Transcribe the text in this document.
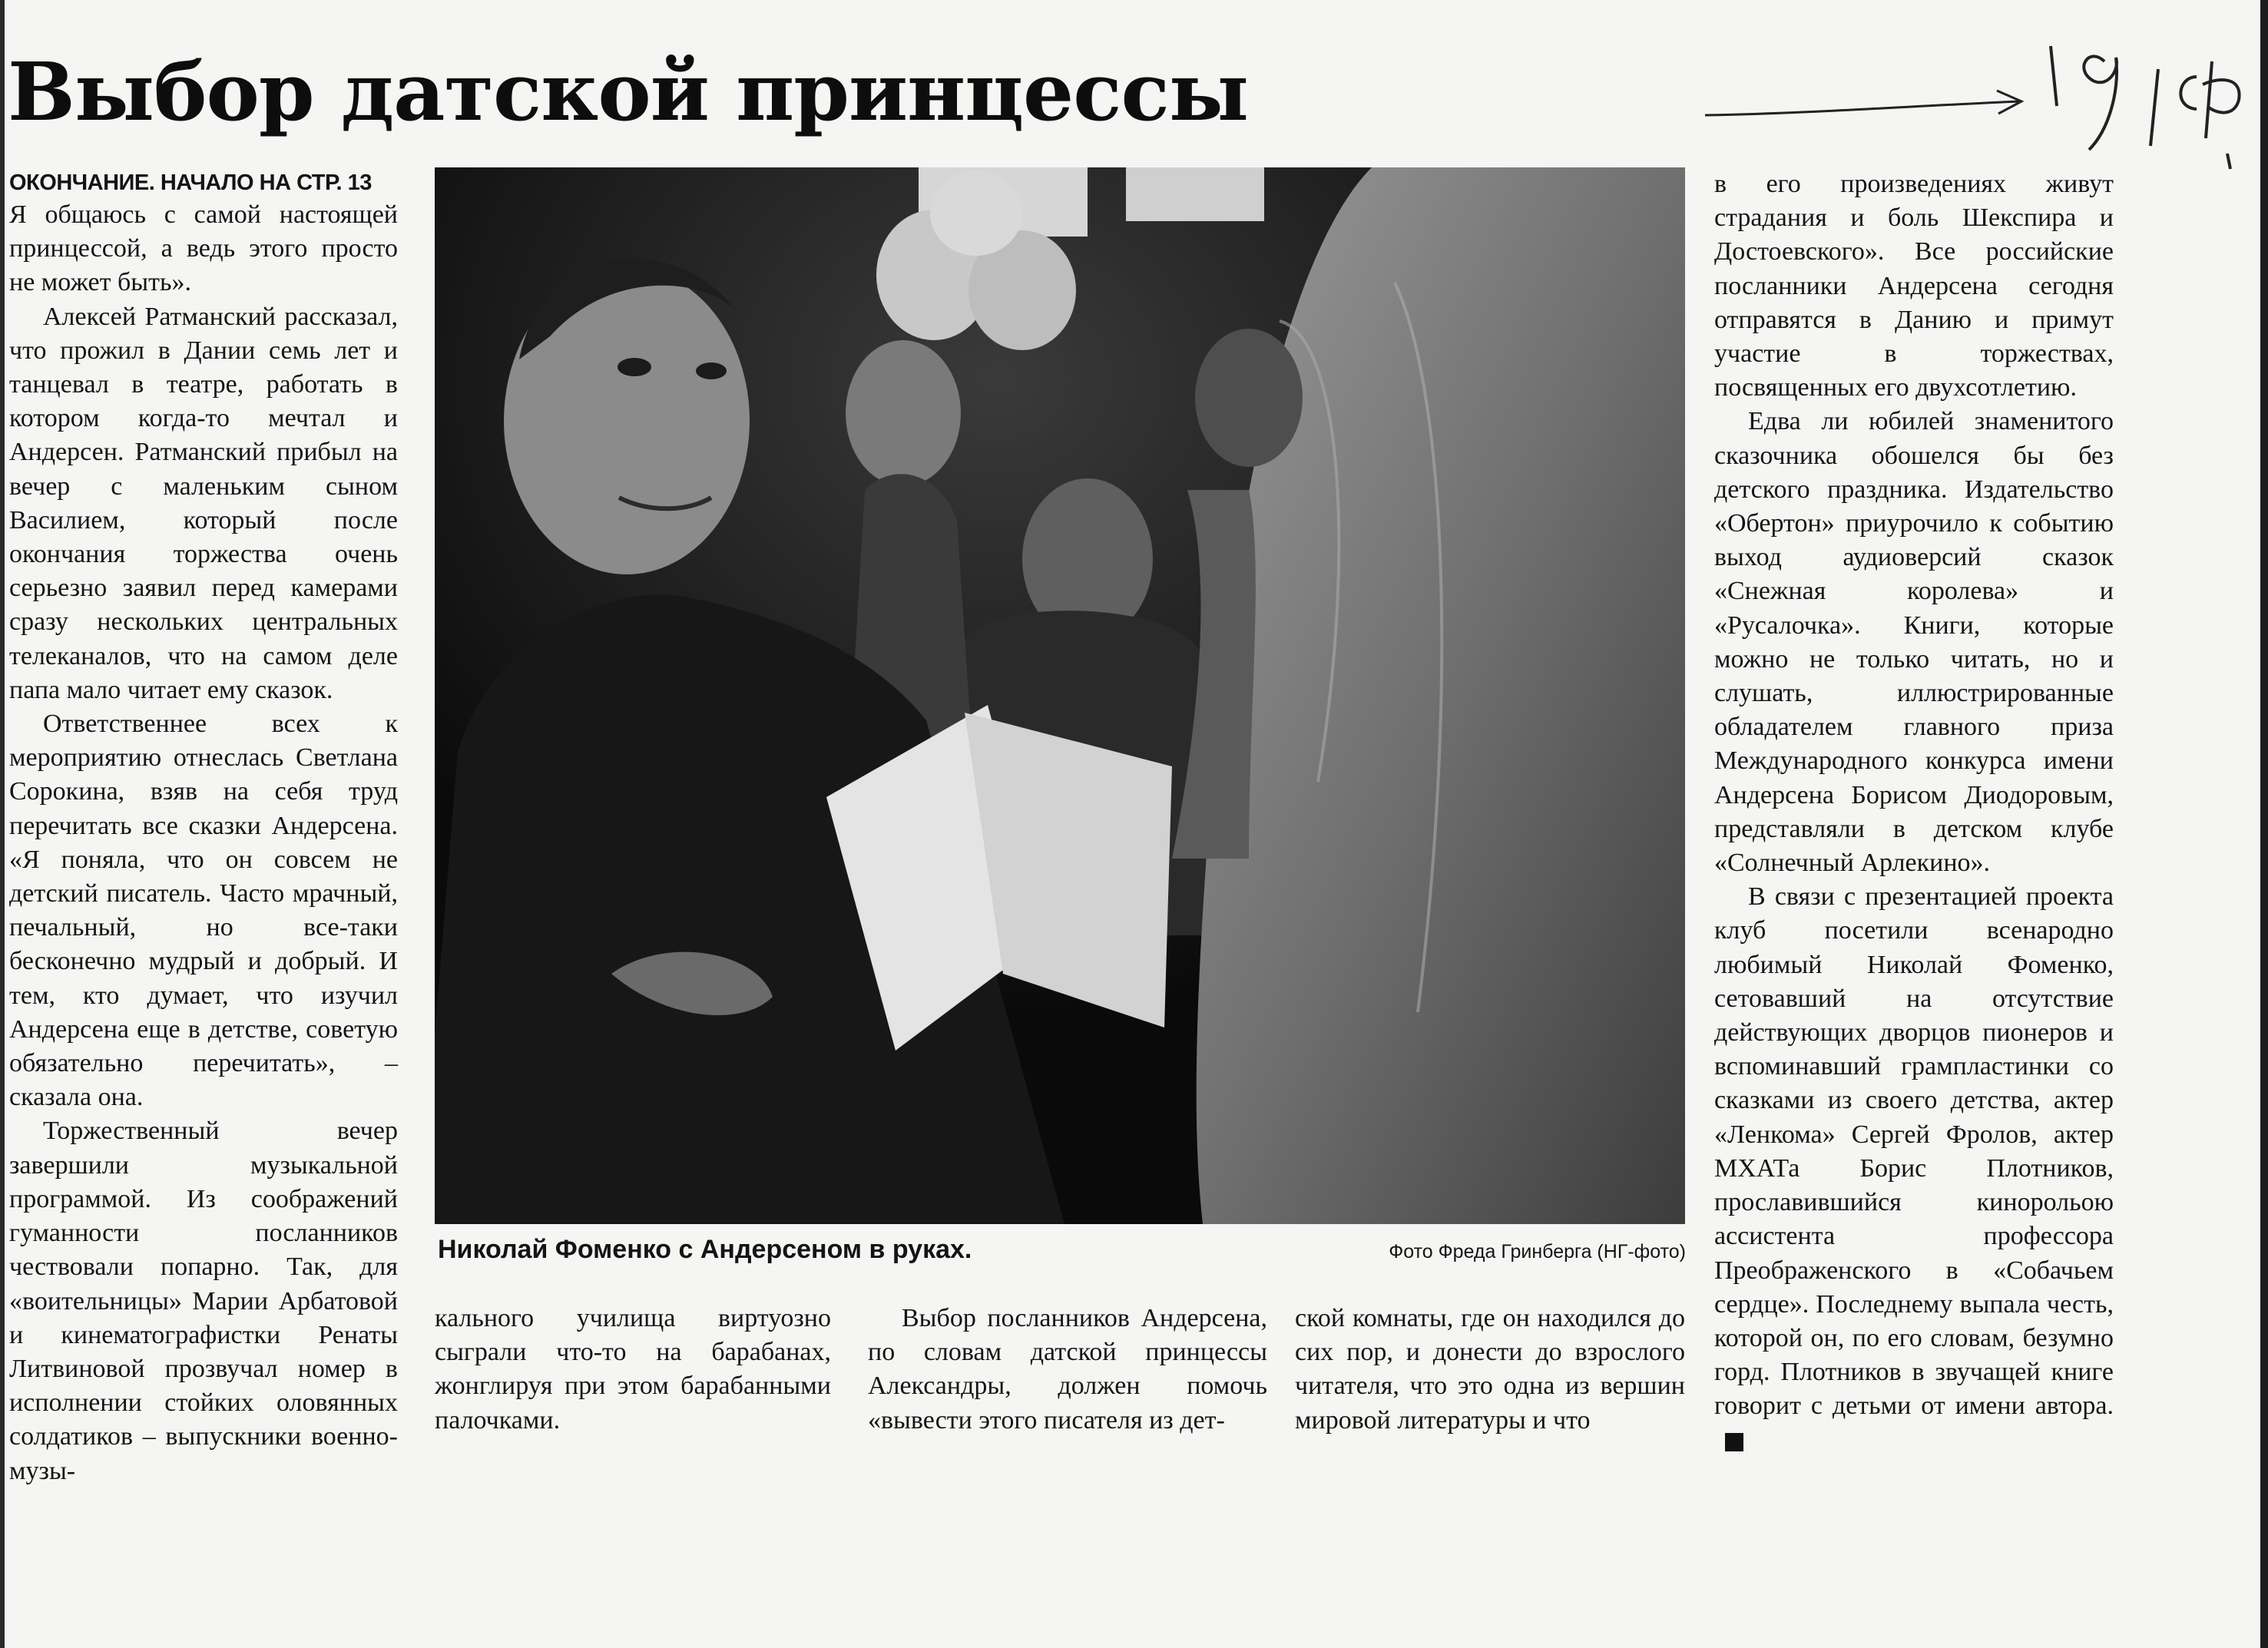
Выбор датской принцессы
ОКОНЧАНИЕ. НАЧАЛО НА СТР. 13

Я общаюсь с самой настоящей принцессой, а ведь этого просто не может быть».

Алексей Ратманский рассказал, что прожил в Дании семь лет и танцевал в театре, работать в котором когда-то мечтал и Андерсен. Ратманский прибыл на вечер с маленьким сыном Василием, который после окончания торжества очень серьезно заявил перед камерами сразу нескольких центральных телеканалов, что на самом деле папа мало читает ему сказок.

Ответственнее всех к мероприятию отнеслась Светлана Сорокина, взяв на себя труд перечитать все сказки Андерсена. «Я поняла, что он совсем не детский писатель. Часто мрачный, печальный, но все-таки бесконечно мудрый и добрый. И тем, кто думает, что изучил Андерсена еще в детстве, советую обязательно перечитать», – сказала она.

Торжественный вечер завершили музыкальной программой. Из соображений гуманности посланников чествовали попарно. Так, для «воительницы» Марии Арбатовой и кинематографистки Ренаты Литвиновой прозвучал номер в исполнении стойких оловянных солдатиков – выпускники военно-музы-

Николай Фоменко с Андерсеном в руках.	Фото Фреда Гринберга (НГ-фото)

кального училища виртуозно сыграли что-то на барабанах, жонглируя при этом барабанными палочками.

Выбор посланников Андерсена, по словам датской принцессы Александры, должен помочь «вывести этого писателя из дет-

ской комнаты, где он находился до сих пор, и донести до взрослого читателя, что это одна из вершин мировой литературы и что

в его произведениях живут страдания и боль Шекспира и Достоевского». Все российские посланники Андерсена сегодня отправятся в Данию и примут участие в торжествах, посвященных его двухсотлетию.

Едва ли юбилей знаменитого сказочника обошелся бы без детского праздника. Издательство «Обертон» приурочило к событию выход аудиоверсий сказок «Снежная королева» и «Русалочка». Книги, которые можно не только читать, но и слушать, иллюстрированные обладателем главного приза Международного конкурса имени Андерсена Борисом Диодоровым, представляли в детском клубе «Солнечный Арлекино».

В связи с презентацией проекта клуб посетили всенародно любимый Николай Фоменко, сетовавший на отсутствие действующих дворцов пионеров и вспоминавший грампластинки со сказками из своего детства, актер «Ленкома» Сергей Фролов, актер МХАТа Борис Плотников, прославившийся кинорольою ассистента профессора Преображенского в «Собачьем сердце». Последнему выпала честь, которой он, по его словам, безумно горд. Плотников в звучащей книге говорит с детьми от имени автора.
